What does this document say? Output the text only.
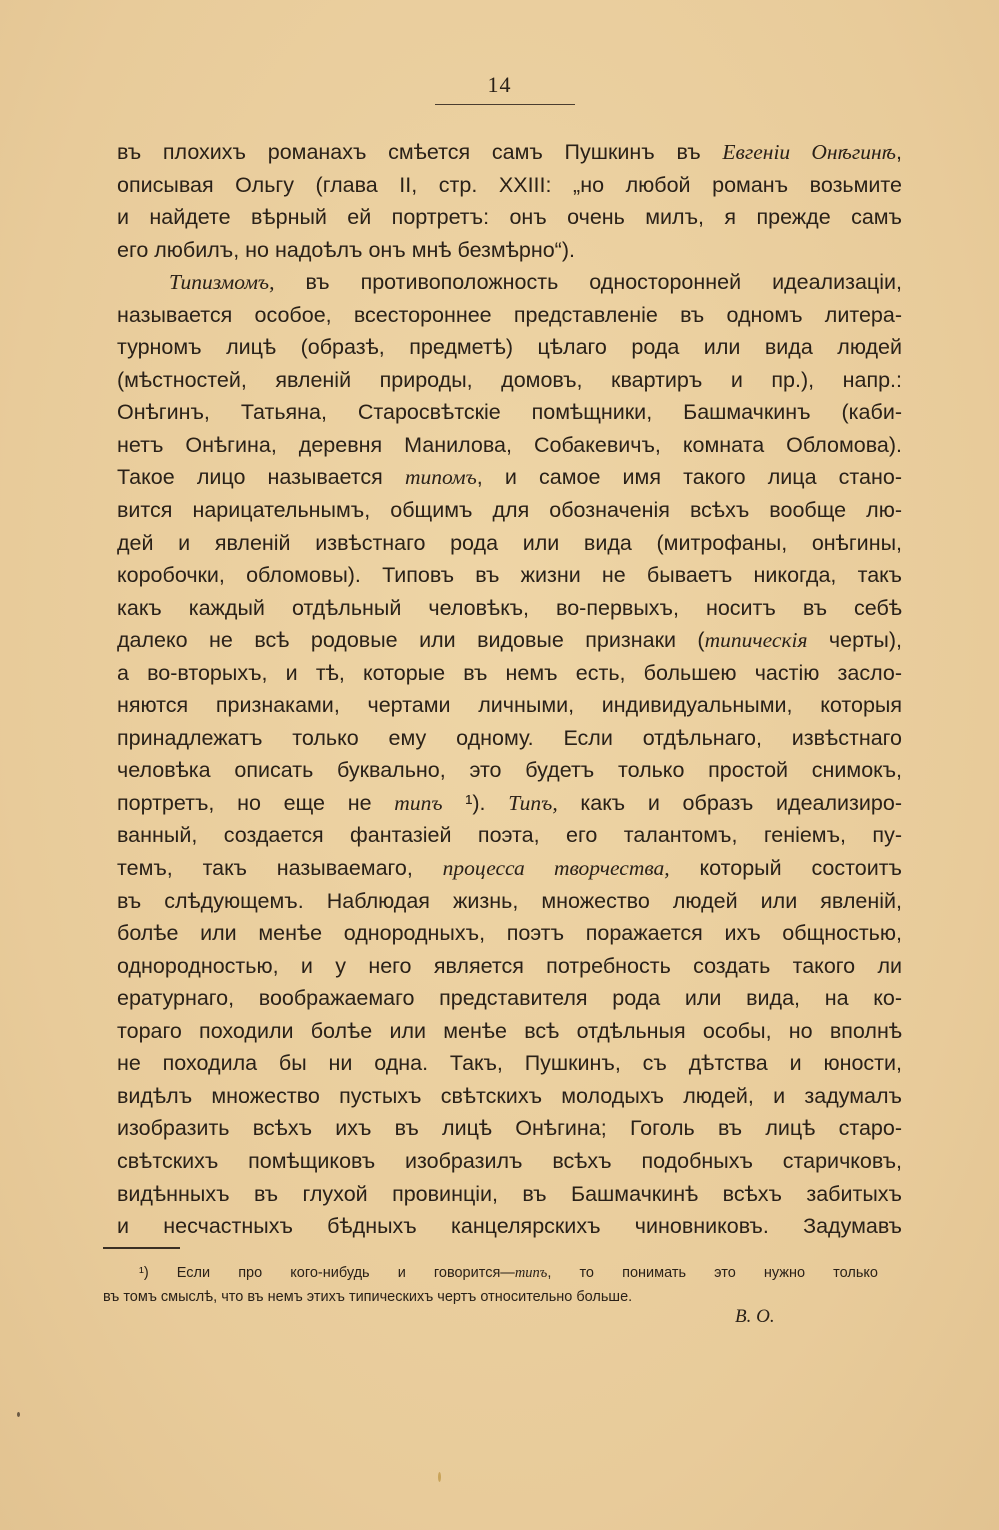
14
въ плохихъ романахъ смѣется самъ Пушкинъ въ Евгеніи Онѣгинѣ,
описывая Ольгу (глава II, стр. XXIII: „но любой романъ возьмите
и найдете вѣрный ей портретъ: онъ очень милъ, я прежде самъ
его любилъ, но надоѣлъ онъ мнѣ безмѣрно“).
Типизмомъ, въ противоположность односторонней идеализаціи,
называется особое, всестороннее представленіе въ одномъ литера-
турномъ лицѣ (образѣ, предметѣ) цѣлаго рода или вида людей
(мѣстностей, явленій природы, домовъ, квартиръ и пр.), напр.:
Онѣгинъ, Татьяна, Старосвѣтскіе помѣщники, Башмачкинъ (каби-
нетъ Онѣгина, деревня Манилова, Собакевичъ, комната Обломова).
Такое лицо называется типомъ, и самое имя такого лица стано-
вится нарицательнымъ, общимъ для обозначенія всѣхъ вообще лю-
дей и явленій извѣстнаго рода или вида (митрофаны, онѣгины,
коробочки, обломовы). Типовъ въ жизни не бываетъ никогда, такъ
какъ каждый отдѣльный человѣкъ, во-первыхъ, носитъ въ себѣ
далеко не всѣ родовые или видовые признаки (типическія черты),
а во-вторыхъ, и тѣ, которые въ немъ есть, большею частію засло-
няются признаками, чертами личными, индивидуальными, которыя
принадлежатъ только ему одному. Если отдѣльнаго, извѣстнаго
человѣка описать буквально, это будетъ только простой снимокъ,
портретъ, но еще не типъ ¹). Типъ, какъ и образъ идеализиро-
ванный, создается фантазіей поэта, его талантомъ, геніемъ, пу-
темъ, такъ называемаго, процесса творчества, который состоитъ
въ слѣдующемъ. Наблюдая жизнь, множество людей или явленій,
болѣе или менѣе однородныхъ, поэтъ поражается ихъ общностью,
однородностью, и у него является потребность создать такого ли
ературнаго, воображаемаго представителя рода или вида, на ко-
тораго походили болѣе или менѣе всѣ отдѣльныя особы, но вполнѣ
не походила бы ни одна. Такъ, Пушкинъ, съ дѣтства и юности,
видѣлъ множество пустыхъ свѣтскихъ молодыхъ людей, и задумалъ
изобразить всѣхъ ихъ въ лицѣ Онѣгина; Гоголь въ лицѣ старо-
свѣтскихъ помѣщиковъ изобразилъ всѣхъ подобныхъ старичковъ,
видѣнныхъ въ глухой провинціи, въ Башмачкинѣ всѣхъ забитыхъ
и несчастныхъ бѣдныхъ канцелярскихъ чиновниковъ. Задумавъ
¹) Если про кого-нибудь и говорится—типъ, то понимать это нужно только
въ томъ смыслѣ, что въ немъ этихъ типическихъ чертъ относительно больше.
В. О.
